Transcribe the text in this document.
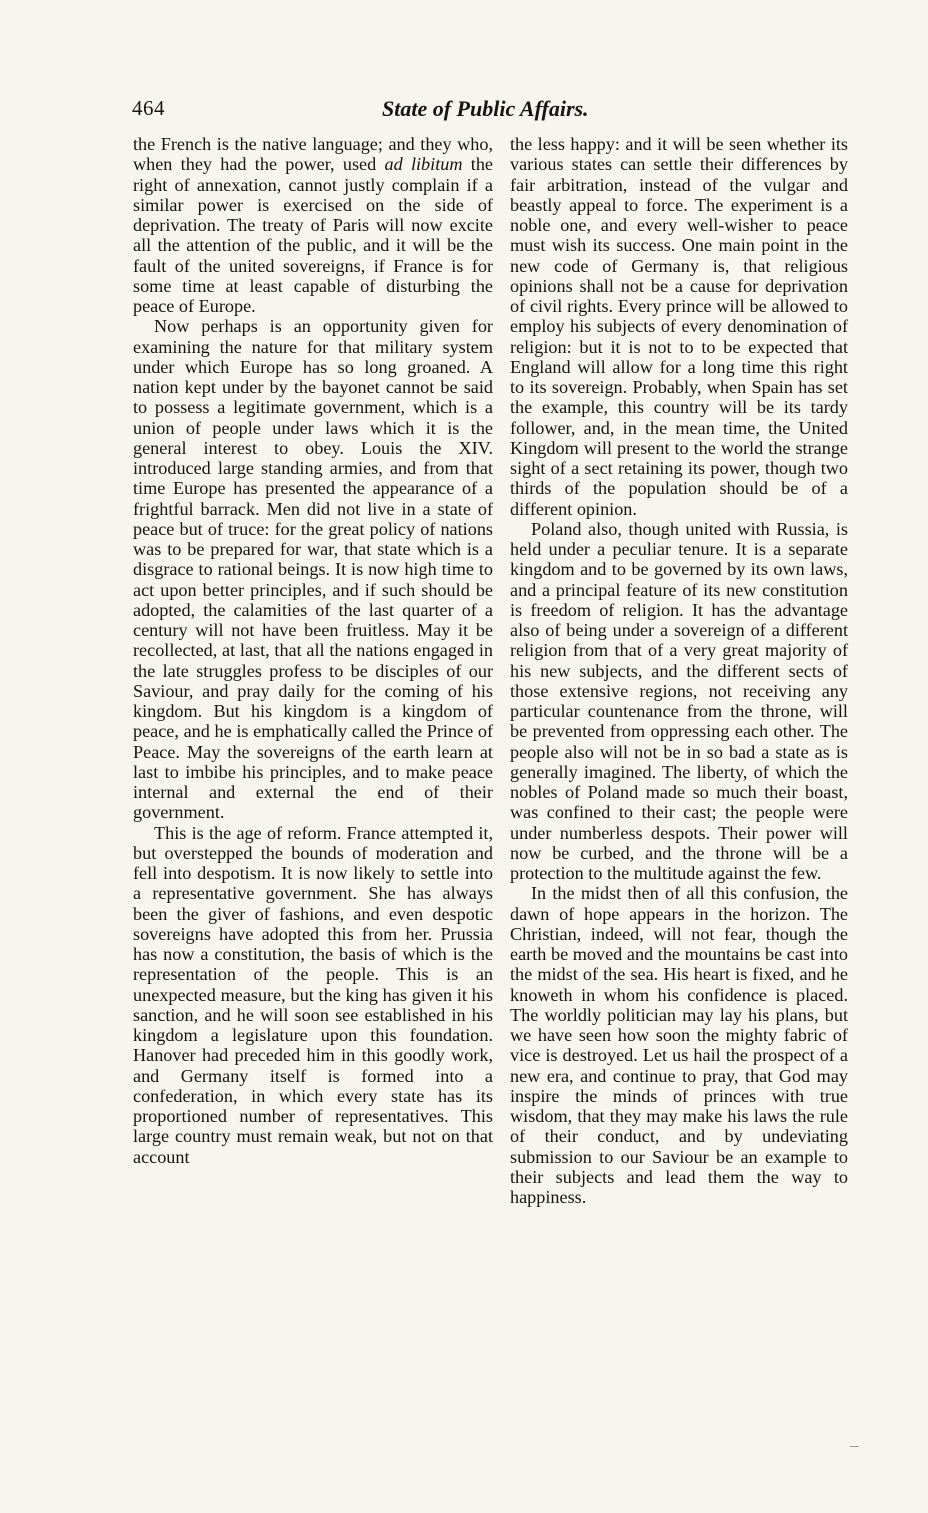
464	State of Public Affairs.

the French is the native language; and they who, when they had the power, used ad libitum the right of annexation, cannot justly complain if a similar power is exercised on the side of deprivation. The treaty of Paris will now excite all the attention of the public, and it will be the fault of the united sovereigns, if France is for some time at least capable of disturbing the peace of Europe.

Now perhaps is an opportunity given for examining the nature for that military system under which Europe has so long groaned. A nation kept under by the bayonet cannot be said to possess a legitimate government, which is a union of people under laws which it is the general interest to obey. Louis the XIV. introduced large standing armies, and from that time Europe has presented the appearance of a frightful barrack. Men did not live in a state of peace but of truce: for the great policy of nations was to be prepared for war, that state which is a disgrace to rational beings. It is now high time to act upon better principles, and if such should be adopted, the calamities of the last quarter of a century will not have been fruitless. May it be recollected, at last, that all the nations engaged in the late struggles profess to be disciples of our Saviour, and pray daily for the coming of his kingdom. But his kingdom is a kingdom of peace, and he is emphatically called the Prince of Peace. May the sovereigns of the earth learn at last to imbibe his principles, and to make peace internal and external the end of their government.

This is the age of reform. France attempted it, but overstepped the bounds of moderation and fell into despotism. It is now likely to settle into a representative government. She has always been the giver of fashions, and even despotic sovereigns have adopted this from her. Prussia has now a constitution, the basis of which is the representation of the people. This is an unexpected measure, but the king has given it his sanction, and he will soon see established in his kingdom a legislature upon this foundation. Hanover had preceded him in this goodly work, and Germany itself is formed into a confederation, in which every state has its proportioned number of representatives. This large country must remain weak, but not on that account

the less happy: and it will be seen whether its various states can settle their differences by fair arbitration, instead of the vulgar and beastly appeal to force. The experiment is a noble one, and every well-wisher to peace must wish its success. One main point in the new code of Germany is, that religious opinions shall not be a cause for deprivation of civil rights. Every prince will be allowed to employ his subjects of every denomination of religion: but it is not to to be expected that England will allow for a long time this right to its sovereign. Probably, when Spain has set the example, this country will be its tardy follower, and, in the mean time, the United Kingdom will present to the world the strange sight of a sect retaining its power, though two thirds of the population should be of a different opinion.

Poland also, though united with Russia, is held under a peculiar tenure. It is a separate kingdom and to be governed by its own laws, and a principal feature of its new constitution is freedom of religion. It has the advantage also of being under a sovereign of a different religion from that of a very great majority of his new subjects, and the different sects of those extensive regions, not receiving any particular countenance from the throne, will be prevented from oppressing each other. The people also will not be in so bad a state as is generally imagined. The liberty, of which the nobles of Poland made so much their boast, was confined to their cast; the people were under numberless despots. Their power will now be curbed, and the throne will be a protection to the multitude against the few.

In the midst then of all this confusion, the dawn of hope appears in the horizon. The Christian, indeed, will not fear, though the earth be moved and the mountains be cast into the midst of the sea. His heart is fixed, and he knoweth in whom his confidence is placed. The worldly politician may lay his plans, but we have seen how soon the mighty fabric of vice is destroyed. Let us hail the prospect of a new era, and continue to pray, that God may inspire the minds of princes with true wisdom, that they may make his laws the rule of their conduct, and by undeviating submission to our Saviour be an example to their subjects and lead them the way to happiness.
